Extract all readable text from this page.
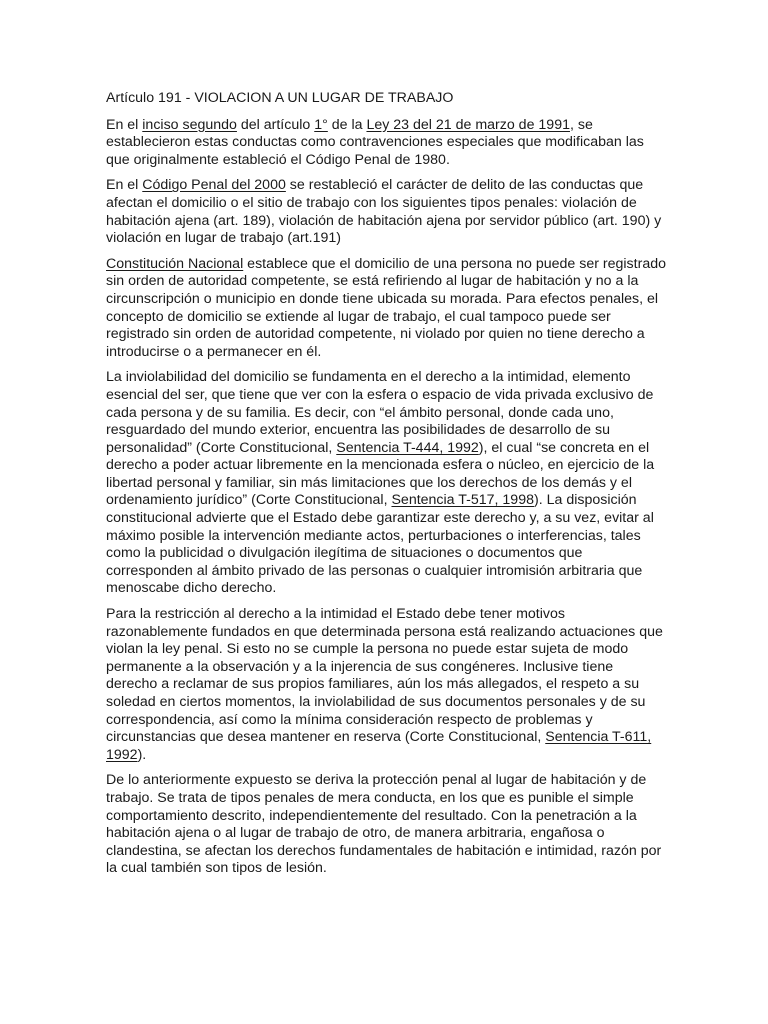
Artículo 191 - VIOLACION A UN LUGAR DE TRABAJO

En el inciso segundo del artículo 1° de la Ley 23 del 21 de marzo de 1991, se establecieron estas conductas como contravenciones especiales que modificaban las que originalmente estableció el Código Penal de 1980.

En el Código Penal del 2000 se restableció el carácter de delito de las conductas que afectan el domicilio o el sitio de trabajo con los siguientes tipos penales: violación de habitación ajena (art. 189), violación de habitación ajena por servidor público (art. 190) y violación en lugar de trabajo (art.191)

Constitución Nacional establece que el domicilio de una persona no puede ser registrado sin orden de autoridad competente, se está refiriendo al lugar de habitación y no a la circunscripción o municipio en donde tiene ubicada su morada. Para efectos penales, el concepto de domicilio se extiende al lugar de trabajo, el cual tampoco puede ser registrado sin orden de autoridad competente, ni violado por quien no tiene derecho a introducirse o a permanecer en él.

La inviolabilidad del domicilio se fundamenta en el derecho a la intimidad, elemento esencial del ser, que tiene que ver con la esfera o espacio de vida privada exclusivo de cada persona y de su familia. Es decir, con “el ámbito personal, donde cada uno, resguardado del mundo exterior, encuentra las posibilidades de desarrollo de su personalidad” (Corte Constitucional, Sentencia T-444, 1992), el cual “se concreta en el derecho a poder actuar libremente en la mencionada esfera o núcleo, en ejercicio de la libertad personal y familiar, sin más limitaciones que los derechos de los demás y el ordenamiento jurídico” (Corte Constitucional, Sentencia T-517, 1998). La disposición constitucional advierte que el Estado debe garantizar este derecho y, a su vez, evitar al máximo posible la intervención mediante actos, perturbaciones o interferencias, tales como la publicidad o divulgación ilegítima de situaciones o documentos que corresponden al ámbito privado de las personas o cualquier intromisión arbitraria que menoscabe dicho derecho.

Para la restricción al derecho a la intimidad el Estado debe tener motivos razonablemente fundados en que determinada persona está realizando actuaciones que violan la ley penal. Si esto no se cumple la persona no puede estar sujeta de modo permanente a la observación y a la injerencia de sus congéneres. Inclusive tiene derecho a reclamar de sus propios familiares, aún los más allegados, el respeto a su soledad en ciertos momentos, la inviolabilidad de sus documentos personales y de su correspondencia, así como la mínima consideración respecto de problemas y circunstancias que desea mantener en reserva (Corte Constitucional, Sentencia T-611, 1992).

De lo anteriormente expuesto se deriva la protección penal al lugar de habitación y de trabajo. Se trata de tipos penales de mera conducta, en los que es punible el simple comportamiento descrito, independientemente del resultado. Con la penetración a la habitación ajena o al lugar de trabajo de otro, de manera arbitraria, engañosa o clandestina, se afectan los derechos fundamentales de habitación e intimidad, razón por la cual también son tipos de lesión.
